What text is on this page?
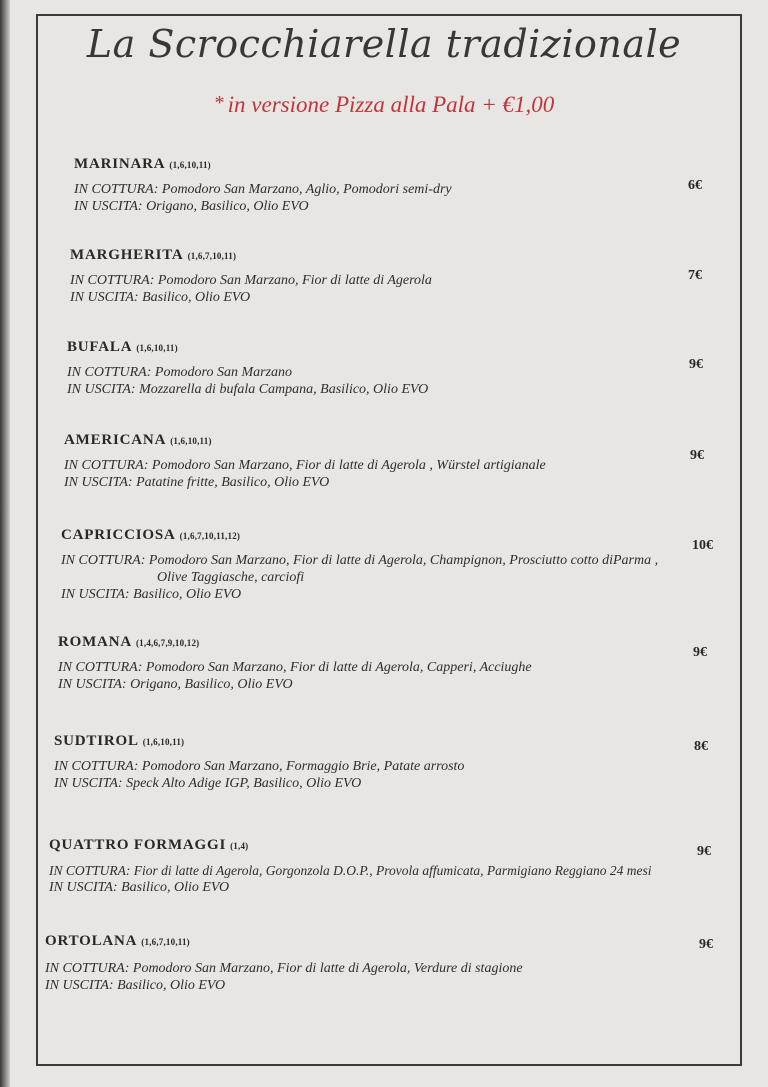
La Scrocchiarella tradizionale
* in versione Pizza alla Pala + €1,00
MARINARA (1,6,10,11)
IN COTTURA: Pomodoro San Marzano, Aglio, Pomodori semi-dry
IN USCITA: Origano, Basilico, Olio EVO
6€
MARGHERITA (1,6,7,10,11)
IN COTTURA: Pomodoro San Marzano, Fior di latte di Agerola
IN USCITA: Basilico, Olio EVO
7€
BUFALA (1,6,10,11)
IN COTTURA: Pomodoro San Marzano
IN USCITA: Mozzarella di bufala Campana, Basilico, Olio EVO
9€
AMERICANA (1,6,10,11)
IN COTTURA: Pomodoro San Marzano, Fior di latte di Agerola , Würstel artigianale
IN USCITA: Patatine fritte, Basilico, Olio EVO
9€
CAPRICCIOSA (1,6,7,10,11,12)
IN COTTURA: Pomodoro San Marzano, Fior di latte di Agerola, Champignon, Prosciutto cotto diParma ,
Olive Taggiasche, carciofi
IN USCITA: Basilico, Olio EVO
10€
ROMANA (1,4,6,7,9,10,12)
IN COTTURA: Pomodoro San Marzano, Fior di latte di Agerola, Capperi, Acciughe
IN USCITA: Origano, Basilico, Olio EVO
9€
SUDTIROL (1,6,10,11)
IN COTTURA: Pomodoro San Marzano, Formaggio Brie, Patate arrosto
IN USCITA: Speck Alto Adige IGP, Basilico, Olio EVO
8€
QUATTRO FORMAGGI (1,4)
IN COTTURA: Fior di latte di Agerola, Gorgonzola D.O.P., Provola affumicata, Parmigiano Reggiano 24 mesi
IN USCITA: Basilico, Olio EVO
9€
ORTOLANA (1,6,7,10,11)
IN COTTURA: Pomodoro San Marzano, Fior di latte di Agerola, Verdure di stagione
IN USCITA: Basilico, Olio EVO
9€
